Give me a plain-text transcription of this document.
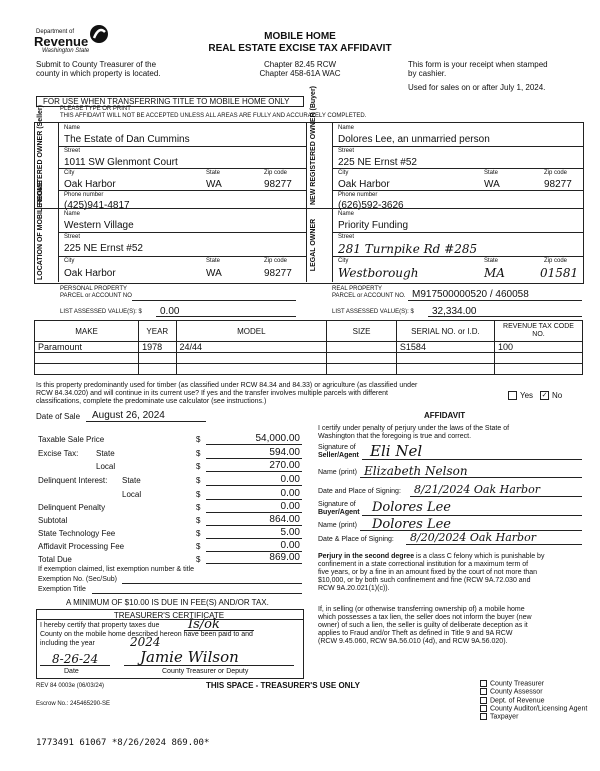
Department of
Revenue
Washington State
MOBILE HOME
REAL ESTATE EXCISE TAX AFFIDAVIT
Chapter 82.45 RCW
Chapter 458-61A WAC
Submit to County Treasurer of the
county in which property is located.
This form is your receipt when stamped
by cashier.
Used for sales on or after July 1, 2024.
FOR USE WHEN TRANSFERRING TITLE TO MOBILE HOME ONLY
PLEASE TYPE OR PRINT
THIS AFFIDAVIT WILL NOT BE ACCEPTED UNLESS ALL AREAS ARE FULLY AND ACCURATELY COMPLETED.
REGISTERED OWNER (Seller)	NEW REGISTERED OWNER (Buyer)
LOCATION OF MOBILE HOME	LEGAL OWNER
Name
The Estate of Dan Cummins
Street
1011 SW Glenmont Court
City	State	Zip code
Oak Harbor	WA	98277
Phone number
(425)941-4817
Name
Dolores Lee, an unmarried person
Street
225 NE Ernst #52
City	State	Zip code
Oak Harbor	WA	98277
Phone number
(626)592-3626
Name
Western Village
Street
225 NE Ernst #52
City	State	Zip code
Oak Harbor	WA	98277
Name
Priority Funding
Street
281 Turnpike Rd #285
City	State	Zip code
Westborough	MA	01581
PERSONAL PROPERTY
PARCEL or ACCOUNT NO
REAL PROPERTY
PARCEL or ACCOUNT NO. M917500000520 / 460058
LIST ASSESSED VALUE(S): $ 0.00	LIST ASSESSED VALUE(S): $ 32,334.00
MAKE	YEAR	MODEL	SIZE	SERIAL NO. or I.D.	REVENUE TAX CODE NO.
Paramount	1978	24/44		S1584	100

Is this property predominantly used for timber (as classified under RCW 84.34 and 84.33) or agriculture (as classified under
RCW 84.34.020) and will continue in its current use? If yes and the transfer involves multiple parcels with different
classifications, complete the predominate use calculator (see instructions.)
Yes ✓ No
Date of Sale August 26, 2024
Taxable Sale Price	$	54,000.00
Excise Tax: State	$	594.00
Local	$	270.00
Delinquent Interest: State	$	0.00
Local	$	0.00
Delinquent Penalty	$	0.00
Subtotal	$	864.00
State Technology Fee	$	5.00
Affidavit Processing Fee	$	0.00
Total Due	$	869.00
If exemption claimed, list exemption number & title
Exemption No. (Sec/Sub)
Exemption Title
A MINIMUM OF $10.00 IS DUE IN FEE(S) AND/OR TAX.
TREASURER'S CERTIFICATE
I hereby certify that property taxes due Is/ok
County on the mobile home described hereon have been paid to and
including the year	2024
8-26-24	Jamie Wilson
Date	County Treasurer or Deputy
AFFIDAVIT
I certify under penalty of perjury under the laws of the State of
Washington that the foregoing is true and correct.
Signature of
Seller/Agent Eli Nel
Name (print) Elizabeth Nelson
Date and Place of Signing: 8/21/2024 Oak Harbor
Signature of
Buyer/Agent Dolores Lee
Name (print) Dolores Lee
Date & Place of Signing: 8/20/2024 Oak Harbor
Perjury in the second degree is a class C felony which is punishable by
confinement in a state correctional institution for a maximum term of
five years, or by a fine in an amount fixed by the court of not more than
$10,000, or by both such confinement and fine (RCW 9A.72.030 and
RCW 9A.20.021(1)(c)).
If, in selling (or otherwise transferring ownership of) a mobile home
which possesses a tax lien, the seller does not inform the buyer (new
owner) of such a lien, the seller is guilty of deliberate deception as it
applies to Fraud and/or Theft as defined in Title 9 and 9A RCW
(RCW 9.45.060, RCW 9A.56.010 (4d), and RCW 9A.56.020).
REV 84 0003e (06/03/24)	THIS SPACE - TREASURER'S USE ONLY
Escrow No.: 245465290-SE
County Treasurer
County Assessor
Dept. of Revenue
County Auditor/Licensing Agent
Taxpayer
1773491 61067 *8/26/2024 869.00*
